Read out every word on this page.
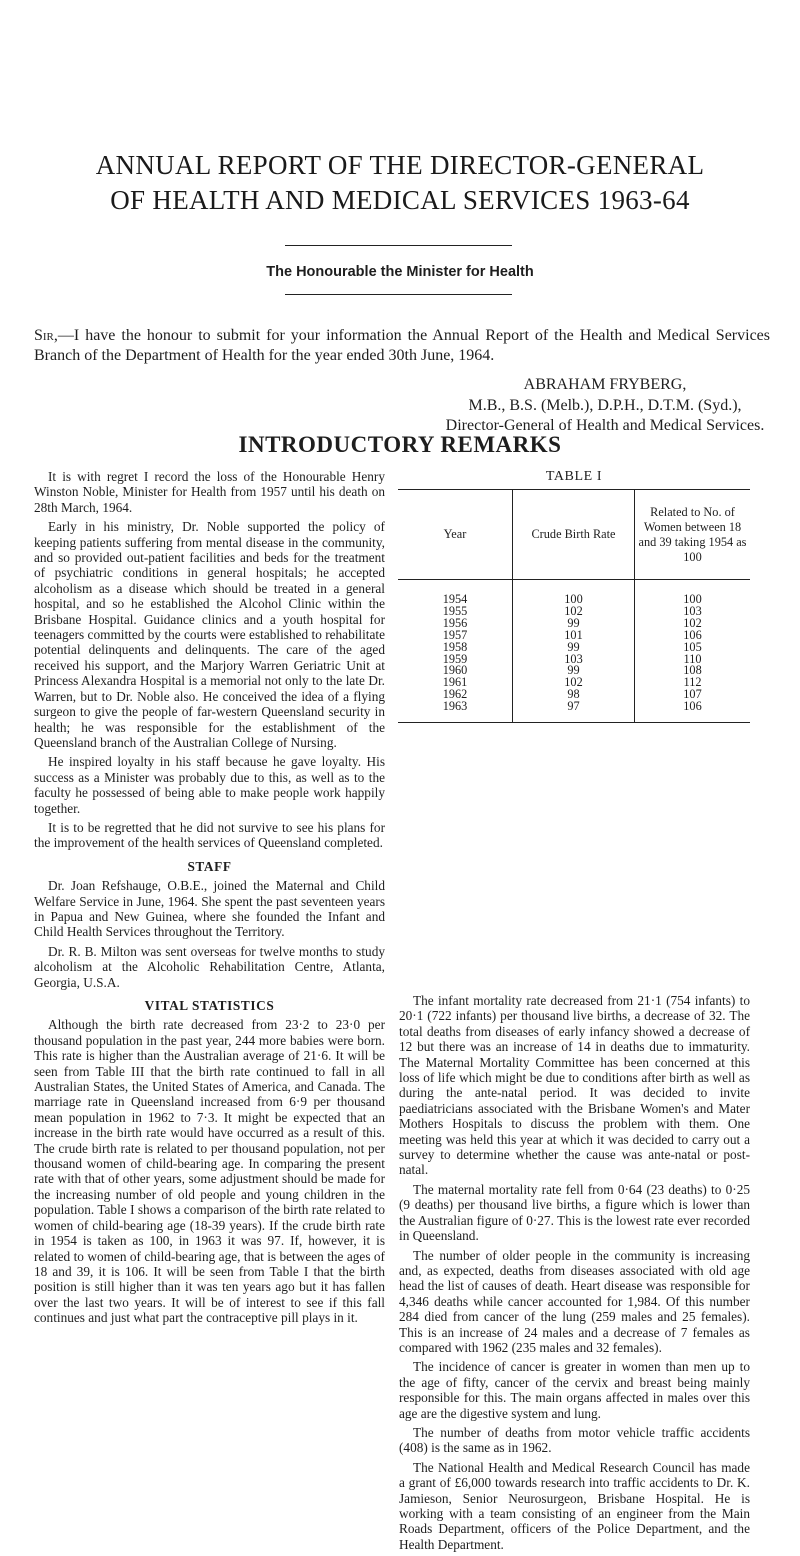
ANNUAL REPORT OF THE DIRECTOR-GENERAL
OF HEALTH AND MEDICAL SERVICES 1963-64
The Honourable the Minister for Health
Sir,—I have the honour to submit for your information the Annual Report of the Health and Medical Services Branch of the Department of Health for the year ended 30th June, 1964.
ABRAHAM FRYBERG,
M.B., B.S. (Melb.), D.P.H., D.T.M. (Syd.),
Director-General of Health and Medical Services.
INTRODUCTORY REMARKS

It is with regret I record the loss of the Honourable Henry Winston Noble, Minister for Health from 1957 until his death on 28th March, 1964.

Early in his ministry, Dr. Noble supported the policy of keeping patients suffering from mental disease in the community, and so provided out-patient facilities and beds for the treatment of psychiatric conditions in general hospitals; he accepted alcoholism as a disease which should be treated in a general hospital, and so he established the Alcohol Clinic within the Brisbane Hospital. Guidance clinics and a youth hospital for teenagers committed by the courts were established to rehabilitate potential delinquents and delinquents. The care of the aged received his support, and the Marjory Warren Geriatric Unit at Princess Alexandra Hospital is a memorial not only to the late Dr. Warren, but to Dr. Noble also. He conceived the idea of a flying surgeon to give the people of far-western Queensland security in health; he was responsible for the establishment of the Queensland branch of the Australian College of Nursing.

He inspired loyalty in his staff because he gave loyalty. His success as a Minister was probably due to this, as well as to the faculty he possessed of being able to make people work happily together.

It is to be regretted that he did not survive to see his plans for the improvement of the health services of Queensland completed.

STAFF

Dr. Joan Refshauge, O.B.E., joined the Maternal and Child Welfare Service in June, 1964. She spent the past seventeen years in Papua and New Guinea, where she founded the Infant and Child Health Services throughout the Territory.

Dr. R. B. Milton was sent overseas for twelve months to study alcoholism at the Alcoholic Rehabilitation Centre, Atlanta, Georgia, U.S.A.

VITAL STATISTICS

Although the birth rate decreased from 23·2 to 23·0 per thousand population in the past year, 244 more babies were born. This rate is higher than the Australian average of 21·6. It will be seen from Table III that the birth rate continued to fall in all Australian States, the United States of America, and Canada. The marriage rate in Queensland increased from 6·9 per thousand mean population in 1962 to 7·3. It might be expected that an increase in the birth rate would have occurred as a result of this. The crude birth rate is related to per thousand population, not per thousand women of child-bearing age. In comparing the present rate with that of other years, some adjustment should be made for the increasing number of old people and young children in the population. Table I shows a comparison of the birth rate related to women of child-bearing age (18-39 years). If the crude birth rate in 1954 is taken as 100, in 1963 it was 97. If, however, it is related to women of child-bearing age, that is between the ages of 18 and 39, it is 106. It will be seen from Table I that the birth position is still higher than it was ten years ago but it has fallen over the last two years. It will be of interest to see if this fall continues and just what part the contraceptive pill plays in it.

TABLE I
Year	Crude Birth Rate	Related to No. of Women between 18 and 39 taking 1954 as 100
1954	100	100
1955	102	103
1956	99	102
1957	101	106
1958	99	105
1959	103	110
1960	99	108
1961	102	112
1962	98	107
1963	97	106

The infant mortality rate decreased from 21·1 (754 infants) to 20·1 (722 infants) per thousand live births, a decrease of 32. The total deaths from diseases of early infancy showed a decrease of 12 but there was an increase of 14 in deaths due to immaturity. The Maternal Mortality Committee has been concerned at this loss of life which might be due to conditions after birth as well as during the ante-natal period. It was decided to invite paediatricians associated with the Brisbane Women's and Mater Mothers Hospitals to discuss the problem with them. One meeting was held this year at which it was decided to carry out a survey to determine whether the cause was ante-natal or post-natal.

The maternal mortality rate fell from 0·64 (23 deaths) to 0·25 (9 deaths) per thousand live births, a figure which is lower than the Australian figure of 0·27. This is the lowest rate ever recorded in Queensland.

The number of older people in the community is increasing and, as expected, deaths from diseases associated with old age head the list of causes of death. Heart disease was responsible for 4,346 deaths while cancer accounted for 1,984. Of this number 284 died from cancer of the lung (259 males and 25 females). This is an increase of 24 males and a decrease of 7 females as compared with 1962 (235 males and 32 females).

The incidence of cancer is greater in women than men up to the age of fifty, cancer of the cervix and breast being mainly responsible for this. The main organs affected in males over this age are the digestive system and lung.

The number of deaths from motor vehicle traffic accidents (408) is the same as in 1962.

The National Health and Medical Research Council has made a grant of £6,000 towards research into traffic accidents to Dr. K. Jamieson, Senior Neurosurgeon, Brisbane Hospital. He is working with a team consisting of an engineer from the Main Roads Department, officers of the Police Department, and the Health Department.
